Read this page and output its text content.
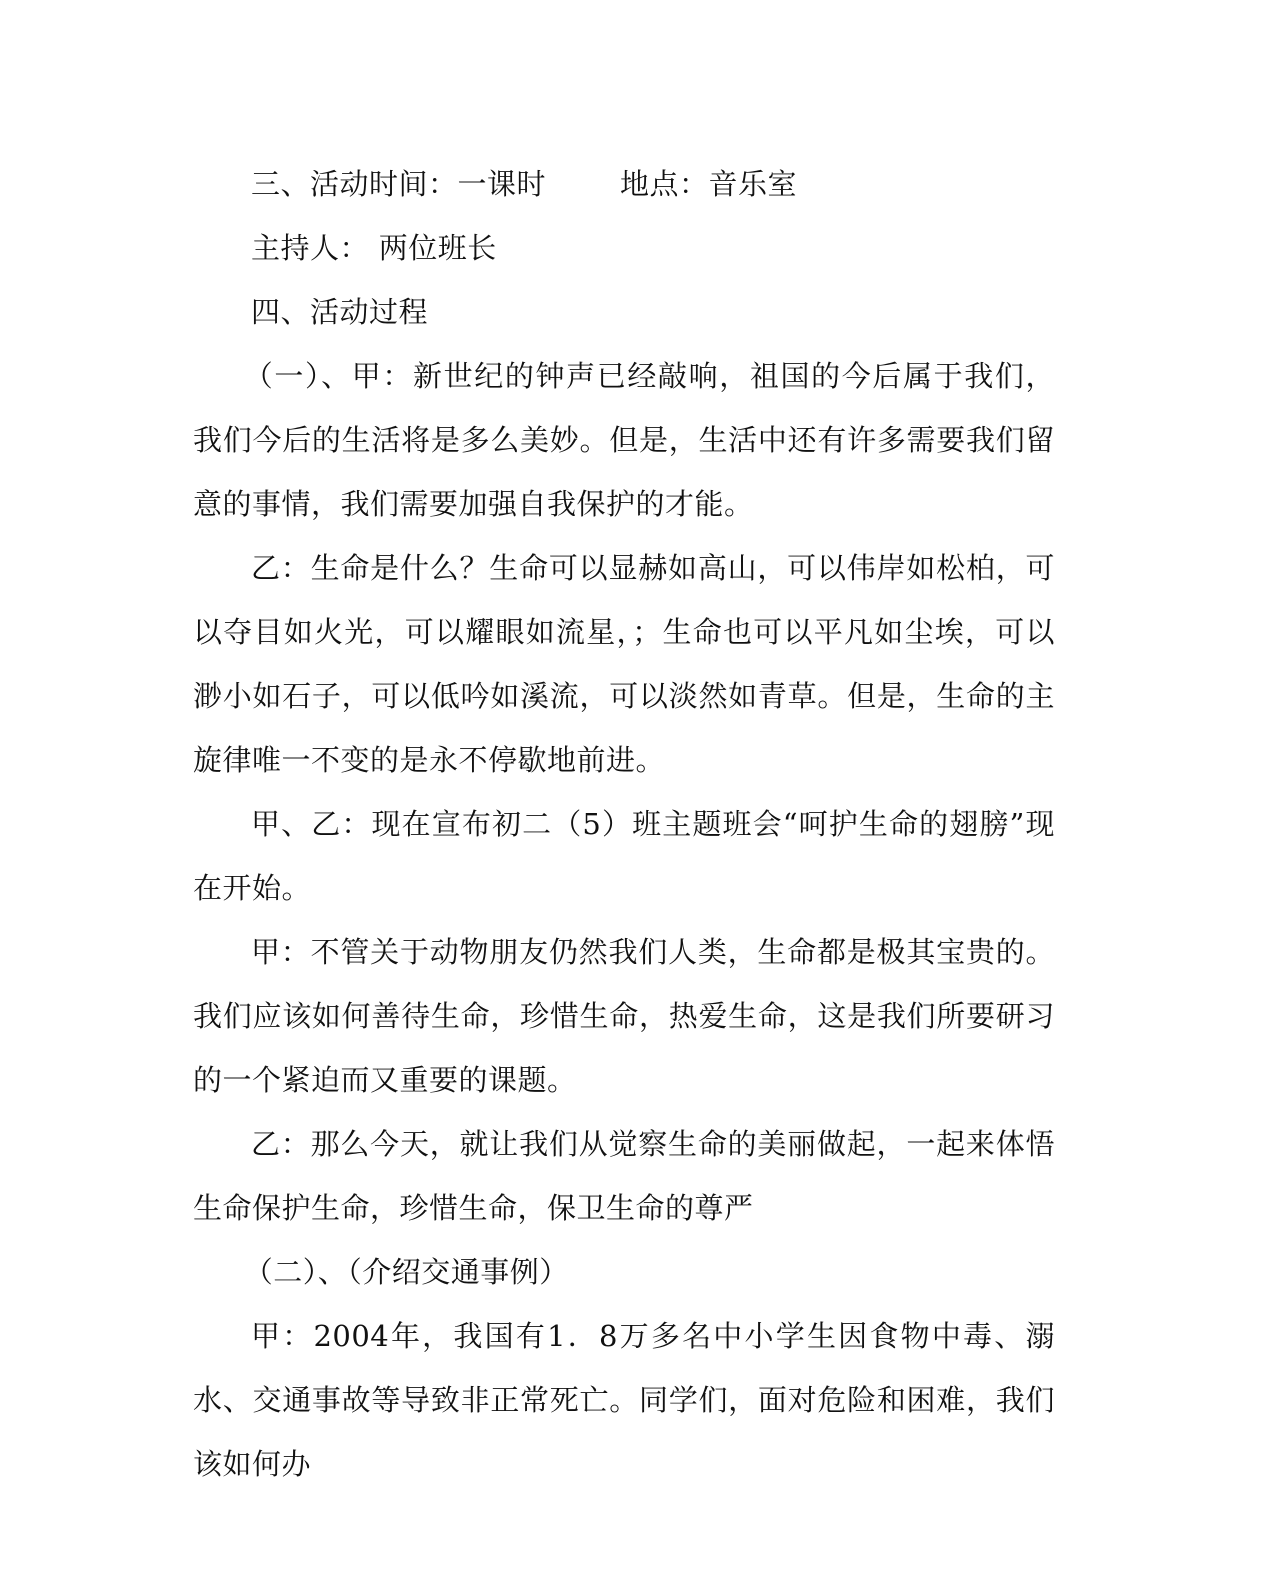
三、活动时间：一课时	地点：音乐室

主持人： 两位班长

四、活动过程

（一）、甲：新世纪的钟声已经敲响，祖国的今后属于我们，我们今后的生活将是多么美妙。但是，生活中还有许多需要我们留意的事情，我们需要加强自我保护的才能。

乙：生命是什么？生命可以显赫如高山，可以伟岸如松柏，可以夺目如火光，可以耀眼如流星，；生命也可以平凡如尘埃，可以渺小如石子，可以低吟如溪流，可以淡然如青草。但是，生命的主旋律唯一不变的是永不停歇地前进。

甲、乙：现在宣布初二（5）班主题班会“呵护生命的翅膀”现在开始。

甲：不管关于动物朋友仍然我们人类，生命都是极其宝贵的。我们应该如何善待生命，珍惜生命，热爱生命，这是我们所要研习的一个紧迫而又重要的课题。

乙：那么今天，就让我们从觉察生命的美丽做起，一起来体悟生命保护生命，珍惜生命，保卫生命的尊严

（二）、（介绍交通事例）

甲：2004年，我国有1．8万多名中小学生因食物中毒、溺水、交通事故等导致非正常死亡。同学们，面对危险和困难，我们该如何办
